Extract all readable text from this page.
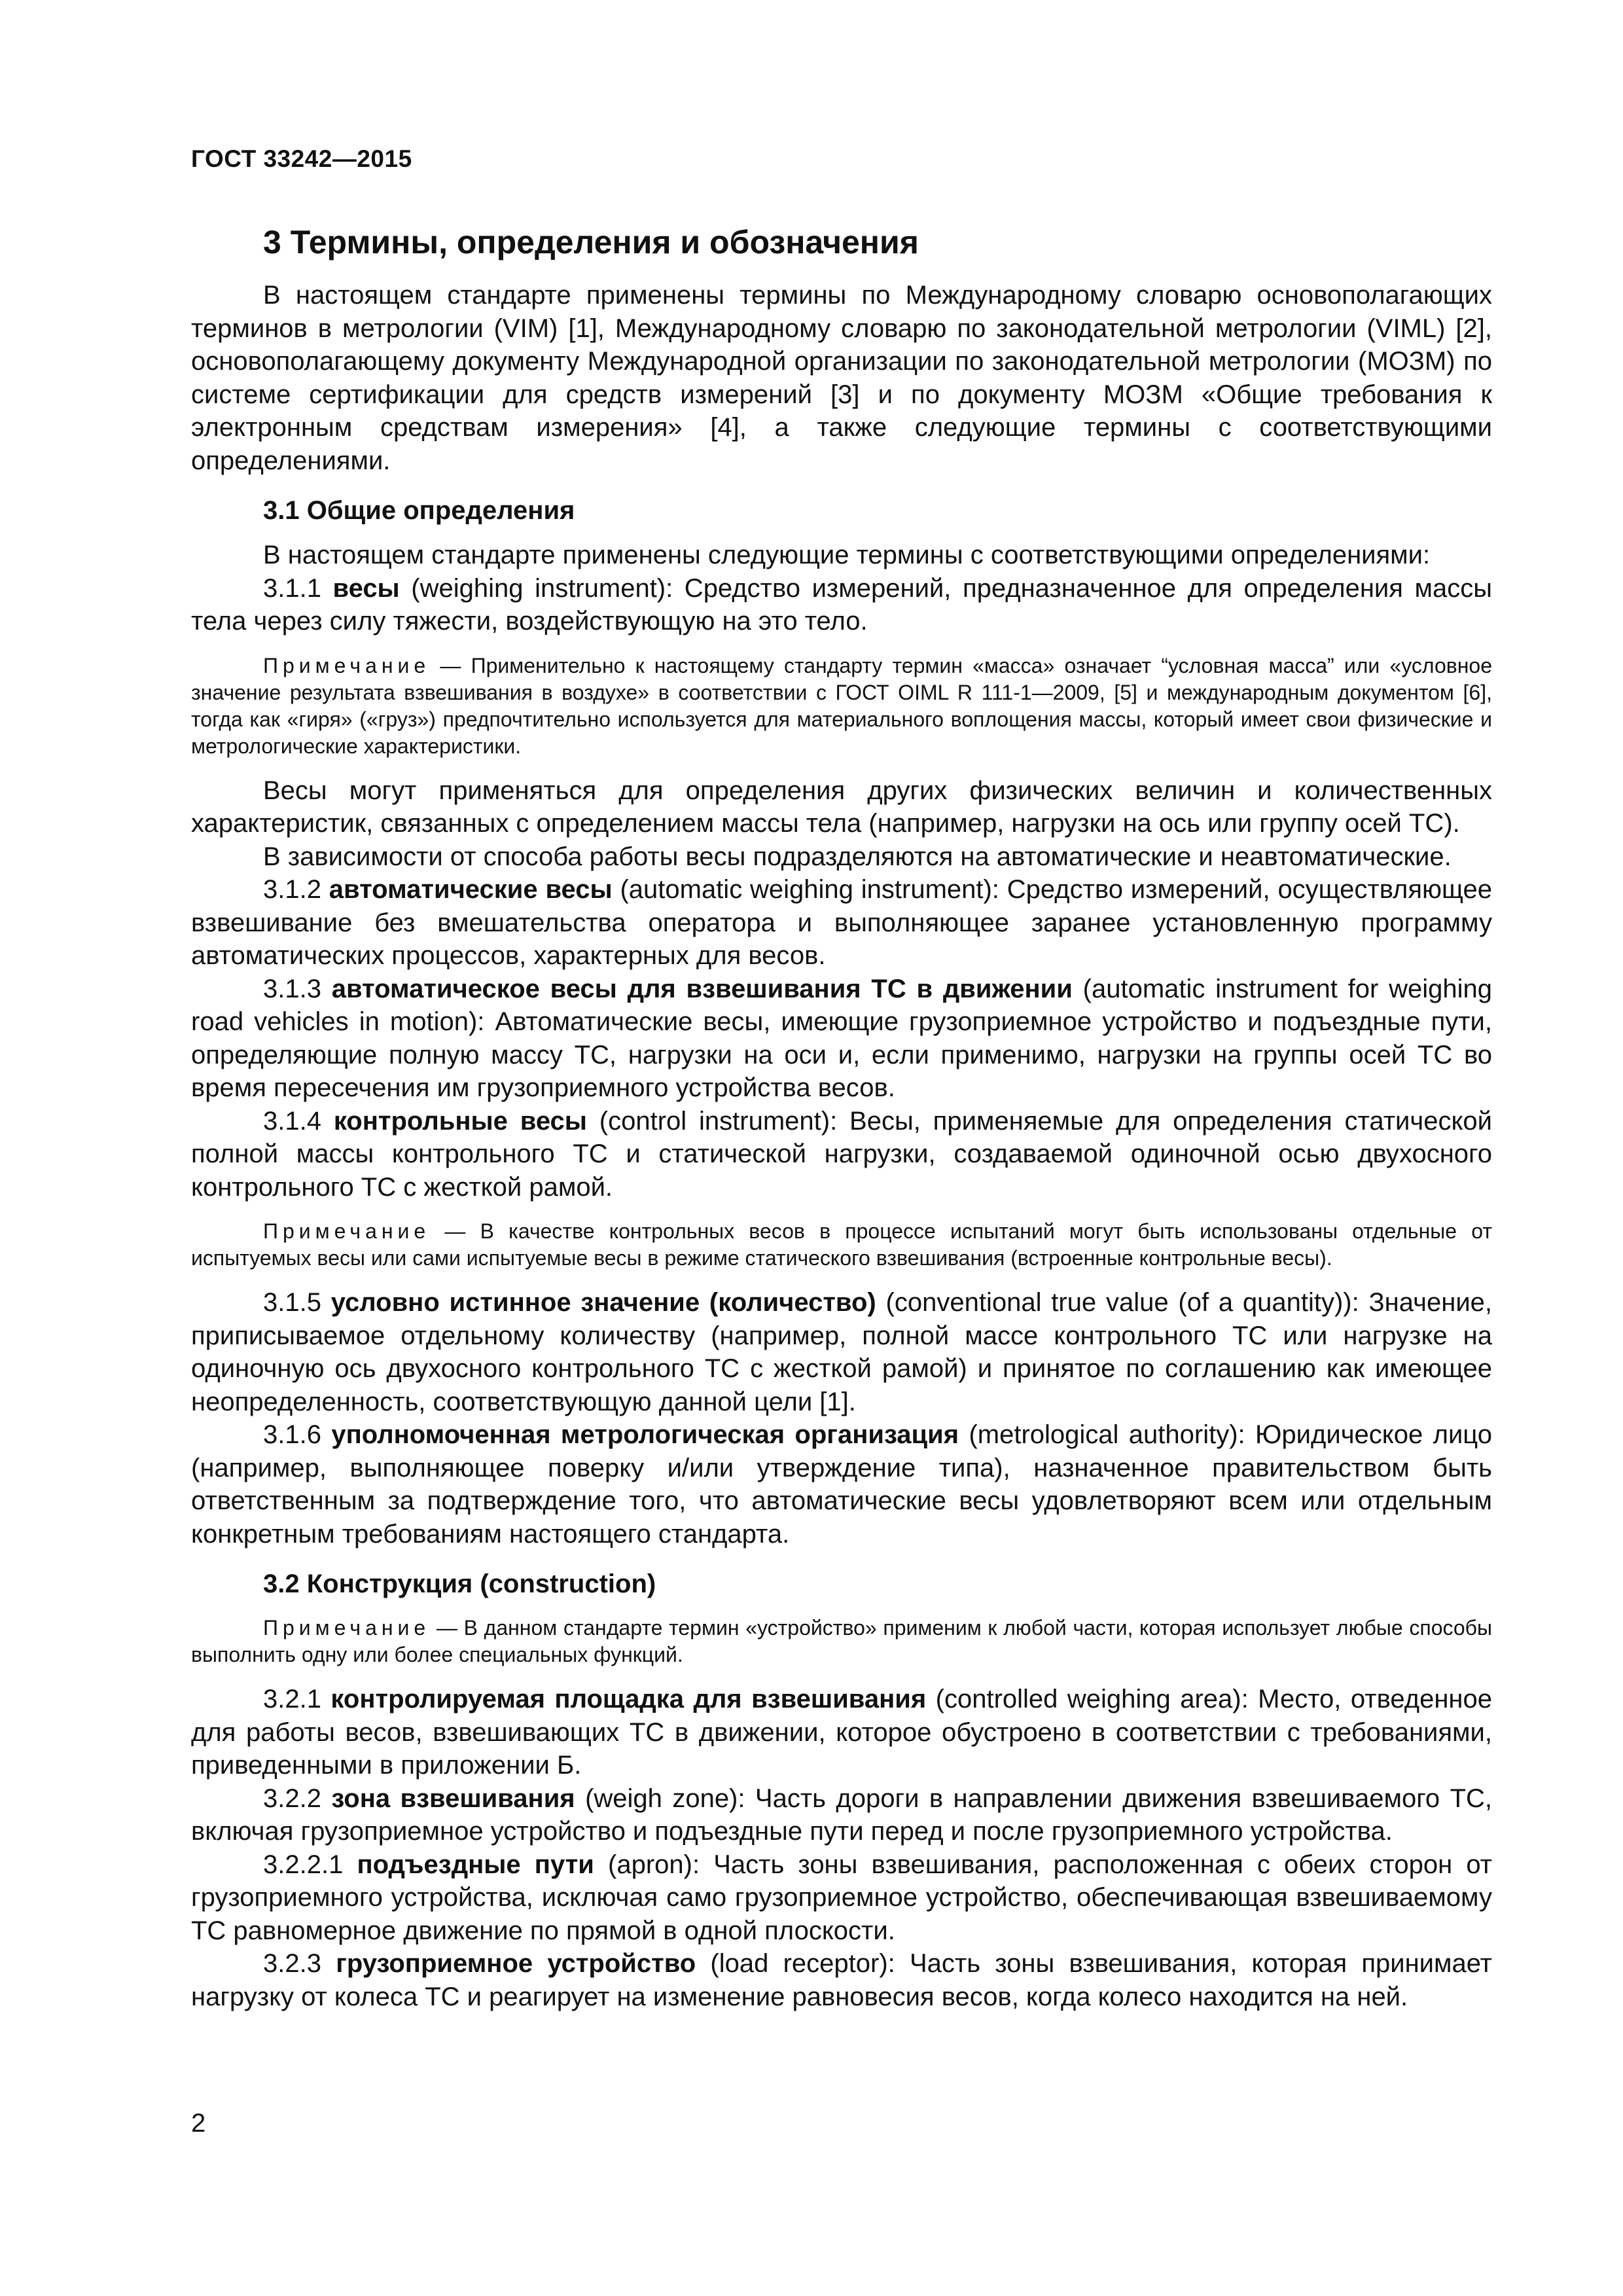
ГОСТ 33242—2015
3 Термины, определения и обозначения

В настоящем стандарте применены термины по Международному словарю основополагающих терминов в метрологии (VIM) [1], Международному словарю по законодательной метрологии (VIML) [2], основополагающему документу Международной организации по законодательной метрологии (МОЗМ) по системе сертификации для средств измерений [3] и по документу МОЗМ «Общие требования к электронным средствам измерения» [4], а также следующие термины с соответствующими определениями.

3.1 Общие определения

В настоящем стандарте применены следующие термины с соответствующими определениями:

3.1.1 весы (weighing instrument): Средство измерений, предназначенное для определения массы тела через силу тяжести, воздействующую на это тело.

Примечание — Применительно к настоящему стандарту термин «масса» означает “условная масса” или «условное значение результата взвешивания в воздухе» в соответствии с ГОСТ OIML R 111-1—2009, [5] и международным документом [6], тогда как «гиря» («груз») предпочтительно используется для материального воплощения массы, который имеет свои физические и метрологические характеристики.

Весы могут применяться для определения других физических величин и количественных характеристик, связанных с определением массы тела (например, нагрузки на ось или группу осей ТС).

В зависимости от способа работы весы подразделяются на автоматические и неавтоматические.

3.1.2 автоматические весы (automatic weighing instrument): Средство измерений, осуществляющее взвешивание без вмешательства оператора и выполняющее заранее установленную программу автоматических процессов, характерных для весов.

3.1.3 автоматическое весы для взвешивания ТС в движении (automatic instrument for weighing road vehicles in motion): Автоматические весы, имеющие грузоприемное устройство и подъездные пути, определяющие полную массу ТС, нагрузки на оси и, если применимо, нагрузки на группы осей ТС во время пересечения им грузоприемного устройства весов.

3.1.4 контрольные весы (control instrument): Весы, применяемые для определения статической полной массы контрольного ТС и статической нагрузки, создаваемой одиночной осью двухосного контрольного ТС с жесткой рамой.

Примечание — В качестве контрольных весов в процессе испытаний могут быть использованы отдельные от испытуемых весы или сами испытуемые весы в режиме статического взвешивания (встроенные контрольные весы).

3.1.5 условно истинное значение (количество) (conventional true value (of a quantity)): Значение, приписываемое отдельному количеству (например, полной массе контрольного ТС или нагрузке на одиночную ось двухосного контрольного ТС с жесткой рамой) и принятое по соглашению как имеющее неопределенность, соответствующую данной цели [1].

3.1.6 уполномоченная метрологическая организация (metrological authority): Юридическое лицо (например, выполняющее поверку и/или утверждение типа), назначенное правительством быть ответственным за подтверждение того, что автоматические весы удовлетворяют всем или отдельным конкретным требованиям настоящего стандарта.

3.2 Конструкция (construction)

Примечание — В данном стандарте термин «устройство» применим к любой части, которая использует любые способы выполнить одну или более специальных функций.

3.2.1 контролируемая площадка для взвешивания (controlled weighing area): Место, отведенное для работы весов, взвешивающих ТС в движении, которое обустроено в соответствии с требованиями, приведенными в приложении Б.

3.2.2 зона взвешивания (weigh zone): Часть дороги в направлении движения взвешиваемого ТС, включая грузоприемное устройство и подъездные пути перед и после грузоприемного устройства.

3.2.2.1 подъездные пути (apron): Часть зоны взвешивания, расположенная с обеих сторон от грузоприемного устройства, исключая само грузоприемное устройство, обеспечивающая взвешиваемому ТС равномерное движение по прямой в одной плоскости.

3.2.3 грузоприемное устройство (load receptor): Часть зоны взвешивания, которая принимает нагрузку от колеса ТС и реагирует на изменение равновесия весов, когда колесо находится на ней.

2
